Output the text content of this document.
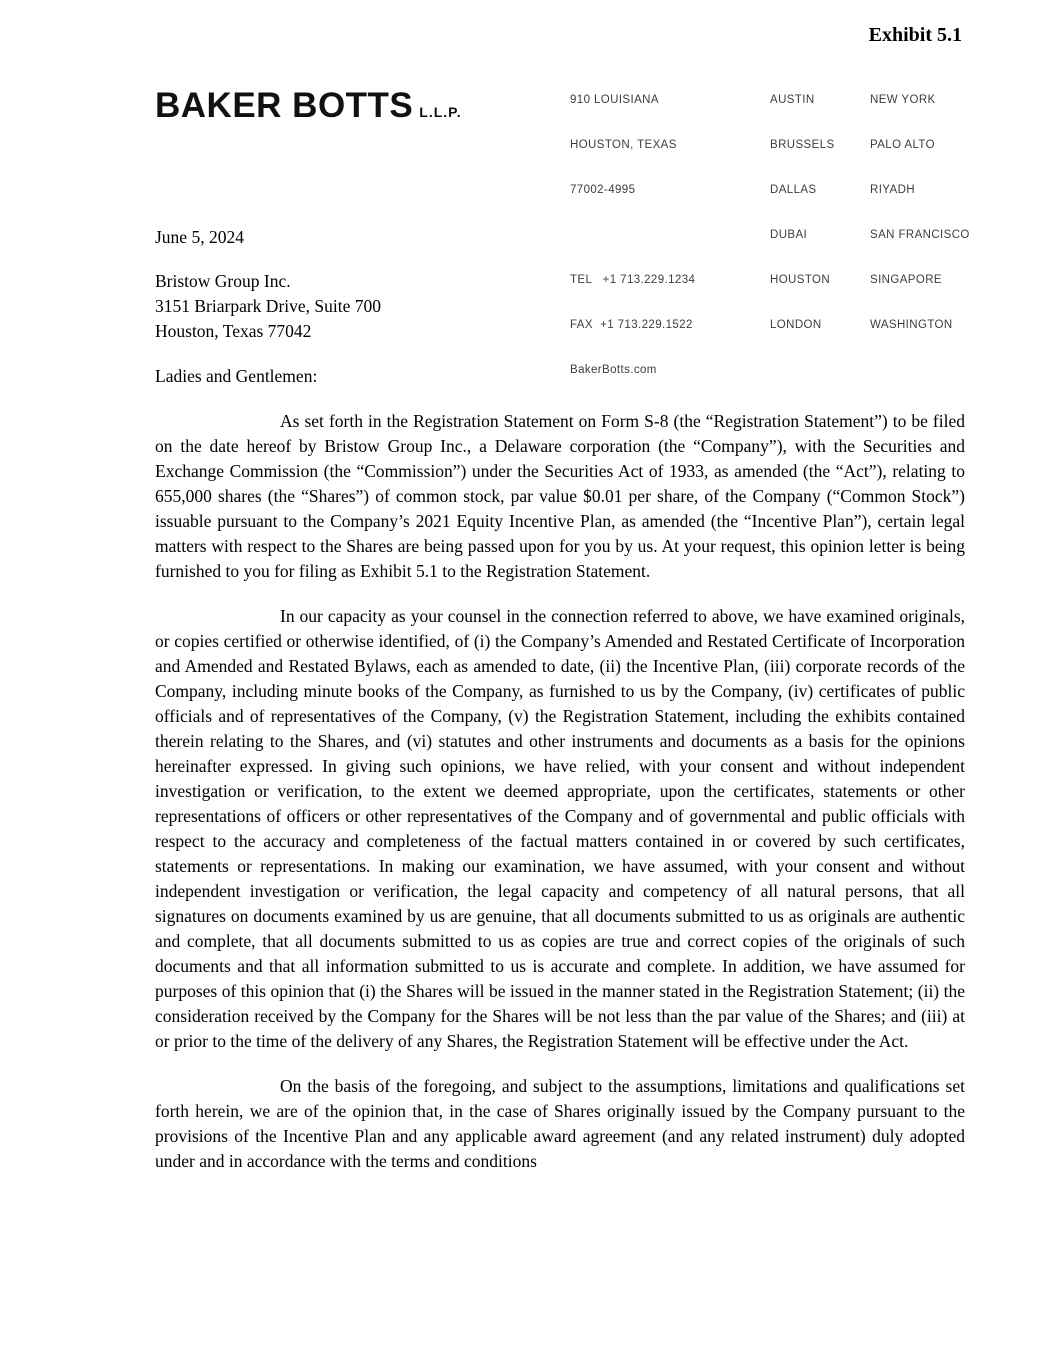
Exhibit 5.1
BAKER BOTTS L.L.P.

910 LOUISIANA

HOUSTON, TEXAS

77002-4995

TEL   +1 713.229.1234

FAX  +1 713.229.1522

BakerBotts.com

AUSTIN

BRUSSELS

DALLAS

DUBAI

HOUSTON

LONDON

NEW YORK

PALO ALTO

RIYADH

SAN FRANCISCO

SINGAPORE

WASHINGTON

June 5, 2024
Bristow Group Inc.
3151 Briarpark Drive, Suite 700
Houston, Texas 77042
Ladies and Gentlemen:

As set forth in the Registration Statement on Form S-8 (the “Registration Statement”) to be filed on the date hereof by Bristow Group Inc., a Delaware corporation (the “Company”), with the Securities and Exchange Commission (the “Commission”) under the Securities Act of 1933, as amended (the “Act”), relating to 655,000 shares (the “Shares”) of common stock, par value $0.01 per share, of the Company (“Common Stock”) issuable pursuant to the Company’s 2021 Equity Incentive Plan, as amended (the “Incentive Plan”), certain legal matters with respect to the Shares are being passed upon for you by us. At your request, this opinion letter is being furnished to you for filing as Exhibit 5.1 to the Registration Statement.

In our capacity as your counsel in the connection referred to above, we have examined originals, or copies certified or otherwise identified, of (i) the Company’s Amended and Restated Certificate of Incorporation and Amended and Restated Bylaws, each as amended to date, (ii) the Incentive Plan, (iii) corporate records of the Company, including minute books of the Company, as furnished to us by the Company, (iv) certificates of public officials and of representatives of the Company, (v) the Registration Statement, including the exhibits contained therein relating to the Shares, and (vi) statutes and other instruments and documents as a basis for the opinions hereinafter expressed. In giving such opinions, we have relied, with your consent and without independent investigation or verification, to the extent we deemed appropriate, upon the certificates, statements or other representations of officers or other representatives of the Company and of governmental and public officials with respect to the accuracy and completeness of the factual matters contained in or covered by such certificates, statements or representations. In making our examination, we have assumed, with your consent and without independent investigation or verification, the legal capacity and competency of all natural persons, that all signatures on documents examined by us are genuine, that all documents submitted to us as originals are authentic and complete, that all documents submitted to us as copies are true and correct copies of the originals of such documents and that all information submitted to us is accurate and complete. In addition, we have assumed for purposes of this opinion that (i) the Shares will be issued in the manner stated in the Registration Statement; (ii) the consideration received by the Company for the Shares will be not less than the par value of the Shares; and (iii) at or prior to the time of the delivery of any Shares, the Registration Statement will be effective under the Act.

On the basis of the foregoing, and subject to the assumptions, limitations and qualifications set forth herein, we are of the opinion that, in the case of Shares originally issued by the Company pursuant to the provisions of the Incentive Plan and any applicable award agreement (and any related instrument) duly adopted under and in accordance with the terms and conditions
